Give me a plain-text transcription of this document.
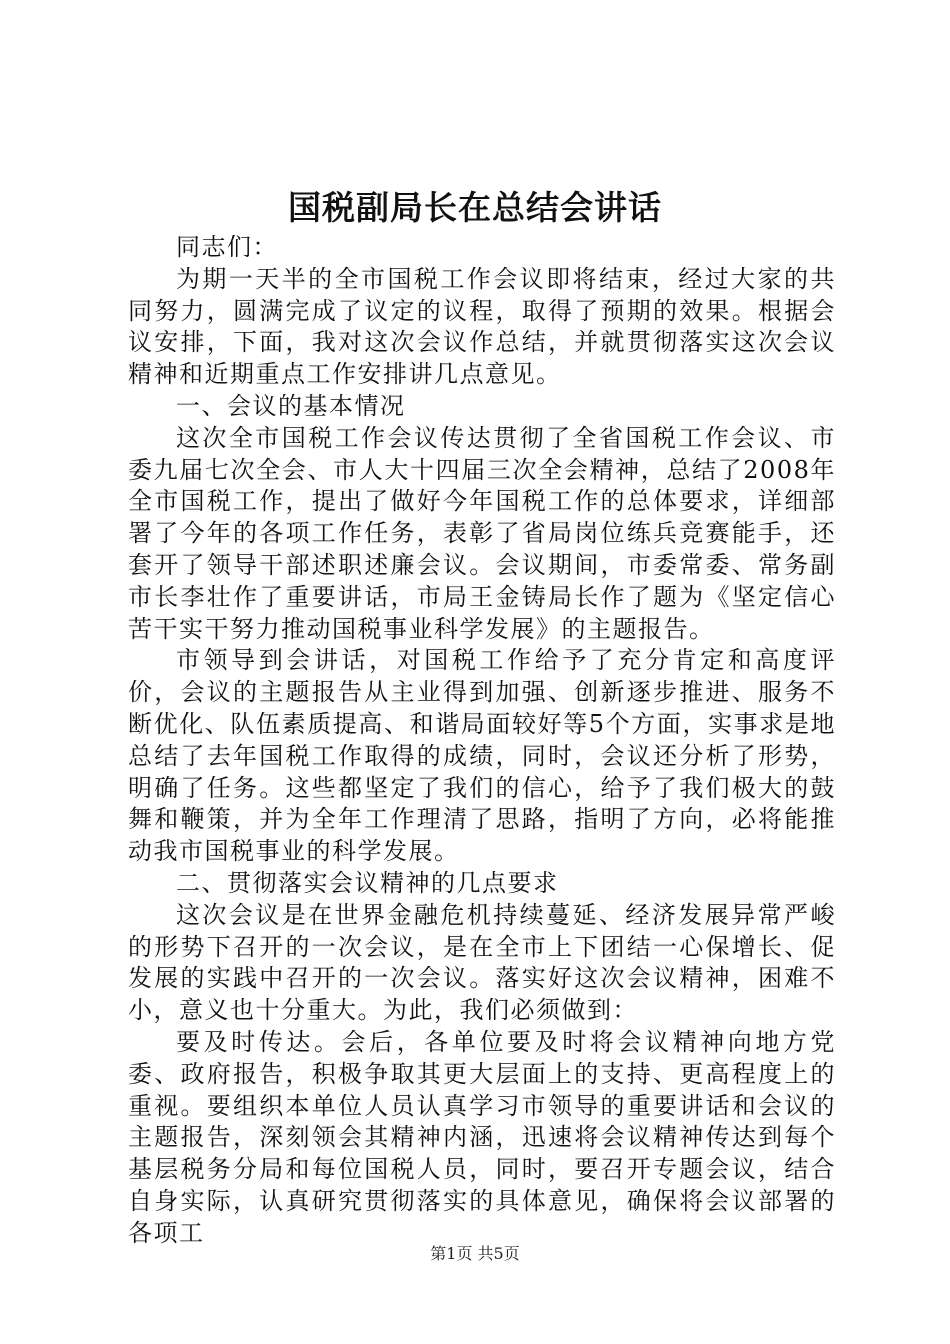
国税副局长在总结会讲话

同志们：

为期一天半的全市国税工作会议即将结束，经过大家的共同努力，圆满完成了议定的议程，取得了预期的效果。根据会议安排，下面，我对这次会议作总结，并就贯彻落实这次会议精神和近期重点工作安排讲几点意见。

一、会议的基本情况

这次全市国税工作会议传达贯彻了全省国税工作会议、市委九届七次全会、市人大十四届三次全会精神，总结了2008年全市国税工作，提出了做好今年国税工作的总体要求，详细部署了今年的各项工作任务，表彰了省局岗位练兵竞赛能手，还套开了领导干部述职述廉会议。会议期间，市委常委、常务副市长李壮作了重要讲话，市局王金铸局长作了题为《坚定信心苦干实干努力推动国税事业科学发展》的主题报告。

市领导到会讲话，对国税工作给予了充分肯定和高度评价，会议的主题报告从主业得到加强、创新逐步推进、服务不断优化、队伍素质提高、和谐局面较好等5个方面，实事求是地总结了去年国税工作取得的成绩，同时，会议还分析了形势，明确了任务。这些都坚定了我们的信心，给予了我们极大的鼓舞和鞭策，并为全年工作理清了思路，指明了方向，必将能推动我市国税事业的科学发展。

二、贯彻落实会议精神的几点要求

这次会议是在世界金融危机持续蔓延、经济发展异常严峻的形势下召开的一次会议，是在全市上下团结一心保增长、促发展的实践中召开的一次会议。落实好这次会议精神，困难不小，意义也十分重大。为此，我们必须做到：

要及时传达。会后，各单位要及时将会议精神向地方党委、政府报告，积极争取其更大层面上的支持、更高程度上的重视。要组织本单位人员认真学习市领导的重要讲话和会议的主题报告，深刻领会其精神内涵，迅速将会议精神传达到每个基层税务分局和每位国税人员，同时，要召开专题会议，结合自身实际，认真研究贯彻落实的具体意见，确保将会议部署的各项工

第1页 共5页
